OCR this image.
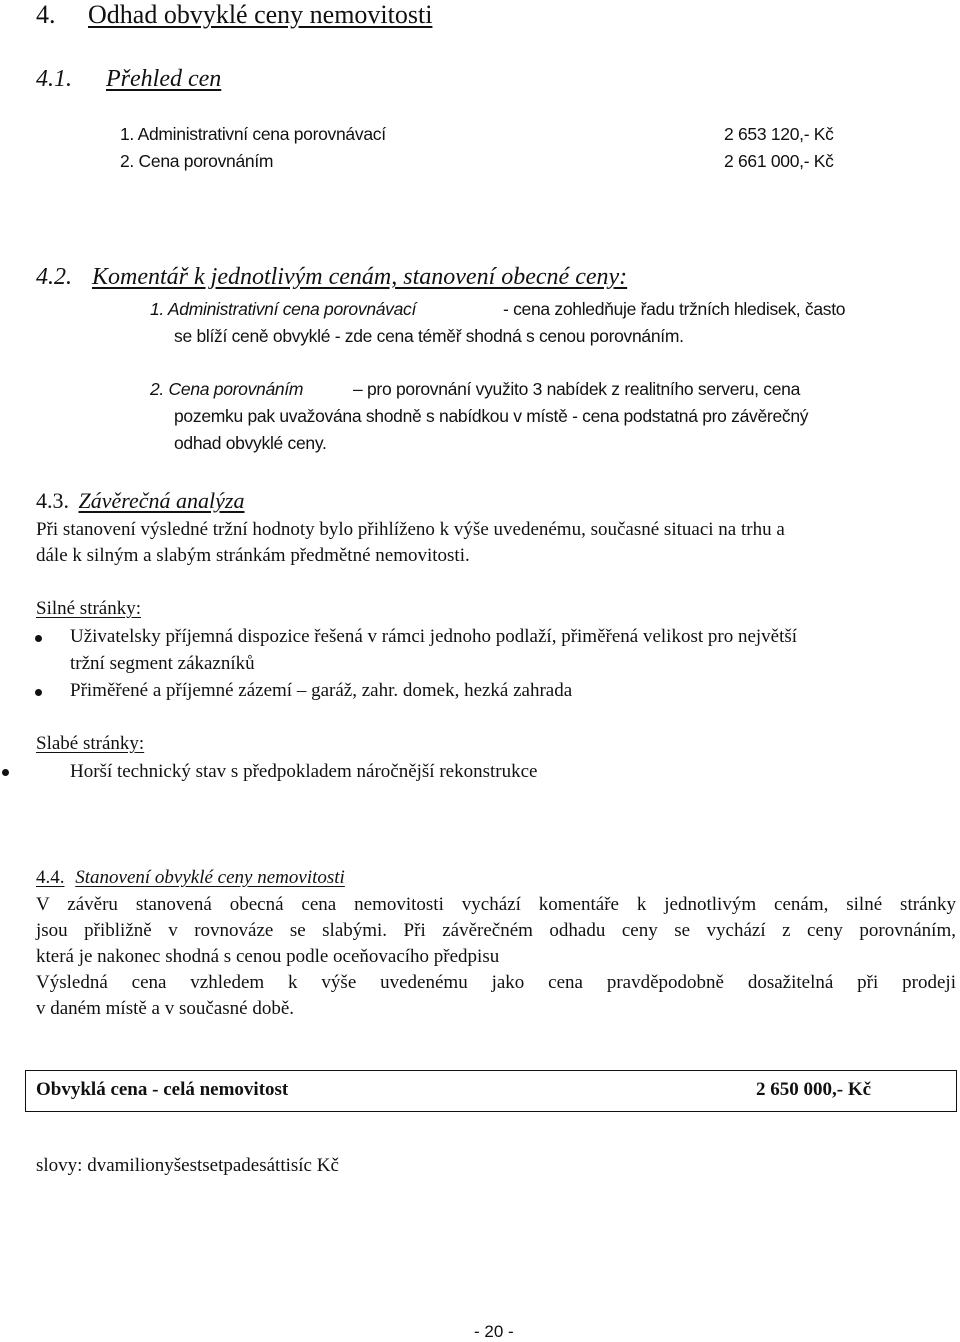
4. Odhad obvyklé ceny nemovitosti
4.1. Přehled cen
1. Administrativní cena porovnávací	2 653 120,- Kč
2. Cena porovnáním	2 661 000,- Kč
4.2. Komentář k jednotlivým cenám, stanovení obecné ceny:
1. Administrativní cena porovnávací	- cena zohledňuje řadu tržních hledisek, často
se blíží ceně obvyklé - zde cena téměř shodná s cenou porovnáním.
2. Cena porovnáním	– pro porovnání využito 3 nabídek z realitního serveru, cena
pozemku pak uvažována shodně s nabídkou v místě - cena podstatná pro závěrečný
odhad obvyklé ceny.
4.3. Závěrečná analýza
Při stanovení výsledné tržní hodnoty bylo přihlíženo k výše uvedenému, současné situaci na trhu a
dále k silným a slabým stránkám předmětné nemovitosti.
Silné stránky:
Uživatelsky příjemná dispozice řešená v rámci jednoho podlaží, přiměřená velikost pro největší
tržní segment zákazníků
Přiměřené a příjemné zázemí – garáž, zahr. domek, hezká zahrada
Slabé stránky:
Horší technický stav s předpokladem náročnější rekonstrukce
4.4. Stanovení obvyklé ceny nemovitosti
V závěru stanovená obecná cena nemovitosti vychází komentáře k jednotlivým cenám, silné stránky
jsou přibližně v rovnováze se slabými. Při závěrečném odhadu ceny se vychází z ceny porovnáním,
která je nakonec shodná s cenou podle oceňovacího předpisu
Výsledná cena vzhledem k výše uvedenému jako cena pravděpodobně dosažitelná při prodeji
v daném místě a v současné době.
Obvyklá cena - celá nemovitost	2 650 000,- Kč
slovy: dvamilionyšestsetpadesáttisíc Kč
- 20 -
